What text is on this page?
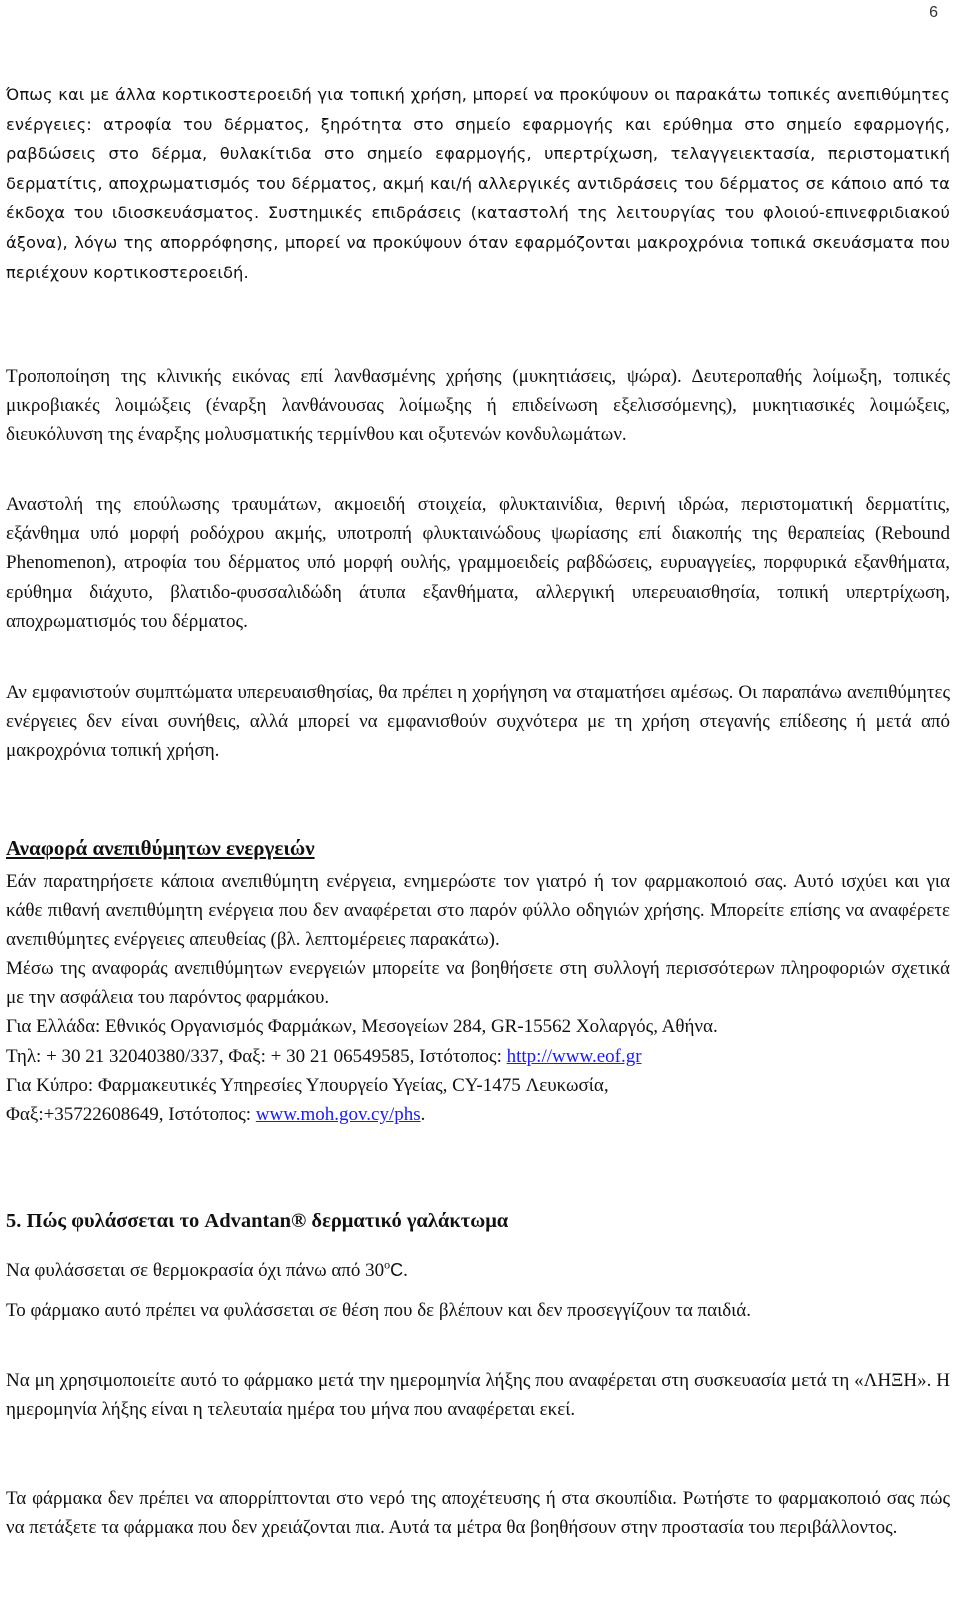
6
Όπως και με άλλα κορτικοστεροειδή για τοπική χρήση, μπορεί να προκύψουν οι παρακάτω τοπικές ανεπιθύμητες ενέργειες: ατροφία του δέρματος, ξηρότητα στο σημείο εφαρμογής και ερύθημα στο σημείο εφαρμογής, ραβδώσεις στο δέρμα, θυλακίτιδα στο σημείο εφαρμογής, υπερτρίχωση, τελαγγειεκτασία, περιστοματική δερματίτις, αποχρωματισμός του δέρματος, ακμή και/ή αλλεργικές αντιδράσεις του δέρματος σε κάποιο από τα έκδοχα του ιδιοσκευάσματος. Συστημικές επιδράσεις (καταστολή της λειτουργίας του φλοιού-επινεφριδιακού άξονα), λόγω της απορρόφησης, μπορεί να προκύψουν όταν εφαρμόζονται μακροχρόνια τοπικά σκευάσματα που περιέχουν κορτικοστεροειδή.
Τροποποίηση της κλινικής εικόνας επί λανθασμένης χρήσης (μυκητιάσεις, ψώρα). Δευτεροπαθής λοίμωξη, τοπικές μικροβιακές λοιμώξεις (έναρξη λανθάνουσας λοίμωξης ή επιδείνωση εξελισσόμενης), μυκητιασικές λοιμώξεις, διευκόλυνση της έναρξης μολυσματικής τερμίνθου και οξυτενών κονδυλωμάτων.
Αναστολή της επούλωσης τραυμάτων, ακμοειδή στοιχεία, φλυκταινίδια, θερινή ιδρώα, περιστοματική δερματίτις, εξάνθημα υπό μορφή ροδόχρου ακμής, υποτροπή φλυκταινώδους ψωρίασης επί διακοπής της θεραπείας (Rebound Phenomenon), ατροφία του δέρματος υπό μορφή ουλής, γραμμοειδείς ραβδώσεις, ευρυαγγείες, πορφυρικά εξανθήματα, ερύθημα διάχυτο, βλατιδο-φυσσαλιδώδη άτυπα εξανθήματα, αλλεργική υπερευαισθησία, τοπική υπερτρίχωση, αποχρωματισμός του δέρματος.
Αν εμφανιστούν συμπτώματα υπερευαισθησίας, θα πρέπει η χορήγηση να σταματήσει αμέσως. Οι παραπάνω ανεπιθύμητες ενέργειες δεν είναι συνήθεις, αλλά μπορεί να εμφανισθούν συχνότερα με τη χρήση στεγανής επίδεσης ή μετά από μακροχρόνια τοπική χρήση.
Αναφορά ανεπιθύμητων ενεργειών
Εάν παρατηρήσετε κάποια ανεπιθύμητη ενέργεια, ενημερώστε τον γιατρό ή τον φαρμακοποιό σας. Αυτό ισχύει και για κάθε πιθανή ανεπιθύμητη ενέργεια που δεν αναφέρεται στο παρόν φύλλο οδηγιών χρήσης. Μπορείτε επίσης να αναφέρετε ανεπιθύμητες ενέργειες απευθείας (βλ. λεπτομέρειες παρακάτω).
Μέσω της αναφοράς ανεπιθύμητων ενεργειών μπορείτε να βοηθήσετε στη συλλογή περισσότερων πληροφοριών σχετικά με την ασφάλεια του παρόντος φαρμάκου.
Για Ελλάδα: Εθνικός Οργανισμός Φαρμάκων, Μεσογείων 284, GR-15562 Χολαργός, Αθήνα.
Τηλ: + 30 21 32040380/337, Φαξ: + 30 21 06549585, Ιστότοπος: http://www.eof.gr
Για Κύπρο: Φαρμακευτικές Υπηρεσίες Υπουργείο Υγείας, CY-1475 Λευκωσία,
Φαξ:+35722608649, Ιστότοπος: www.moh.gov.cy/phs.
5. Πώς φυλάσσεται το Advantan® δερματικό γαλάκτωμα
Να φυλάσσεται σε θερμοκρασία όχι πάνω από 30$^o$C.
Το φάρμακο αυτό πρέπει να φυλάσσεται σε θέση που δε βλέπουν και δεν προσεγγίζουν τα παιδιά.
Να μη χρησιμοποιείτε αυτό το φάρμακο μετά την ημερομηνία λήξης που αναφέρεται στη συσκευασία μετά τη «ΛΗΞΗ». Η ημερομηνία λήξης είναι η τελευταία ημέρα του μήνα που αναφέρεται εκεί.
Τα φάρμακα δεν πρέπει να απορρίπτονται στο νερό της αποχέτευσης ή στα σκουπίδια. Ρωτήστε το φαρμακοποιό σας πώς να πετάξετε τα φάρμακα που δεν χρειάζονται πια. Αυτά τα μέτρα θα βοηθήσουν στην προστασία του περιβάλλοντος.
